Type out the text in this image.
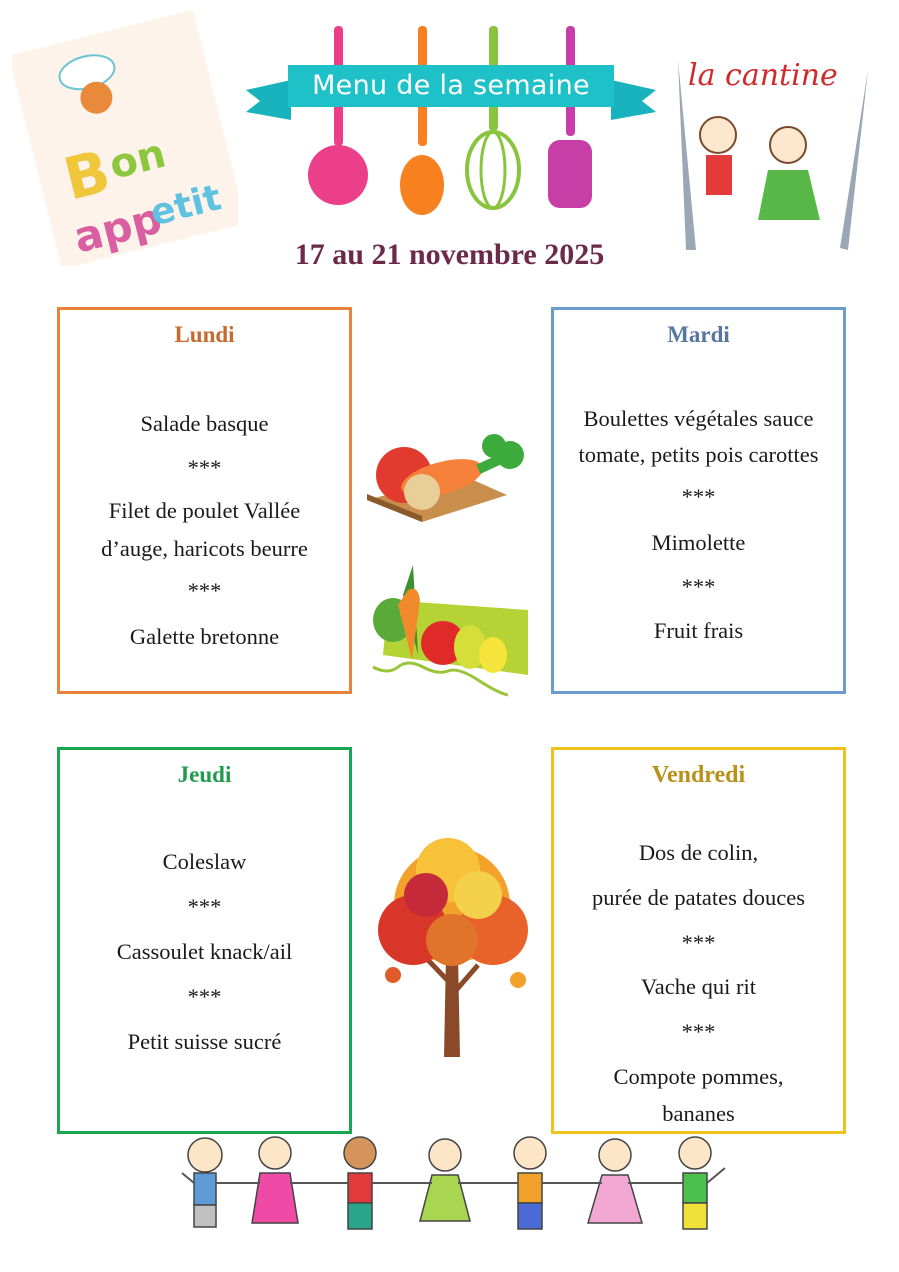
B
on
app
etit
Menu de la semaine	la cantine
17 au 21 novembre 2025
Lundi
Salade basque
***
Filet de poulet Vallée
d’auge, haricots beurre
***
Galette bretonne
Mardi
Boulettes végétales sauce
tomate, petits pois carottes
***
Mimolette
***
Fruit frais
Jeudi
Coleslaw
***
Cassoulet knack/ail
***
Petit suisse sucré
Vendredi
Dos de colin,
purée de patates douces
***
Vache qui rit
***
Compote pommes,
bananes
